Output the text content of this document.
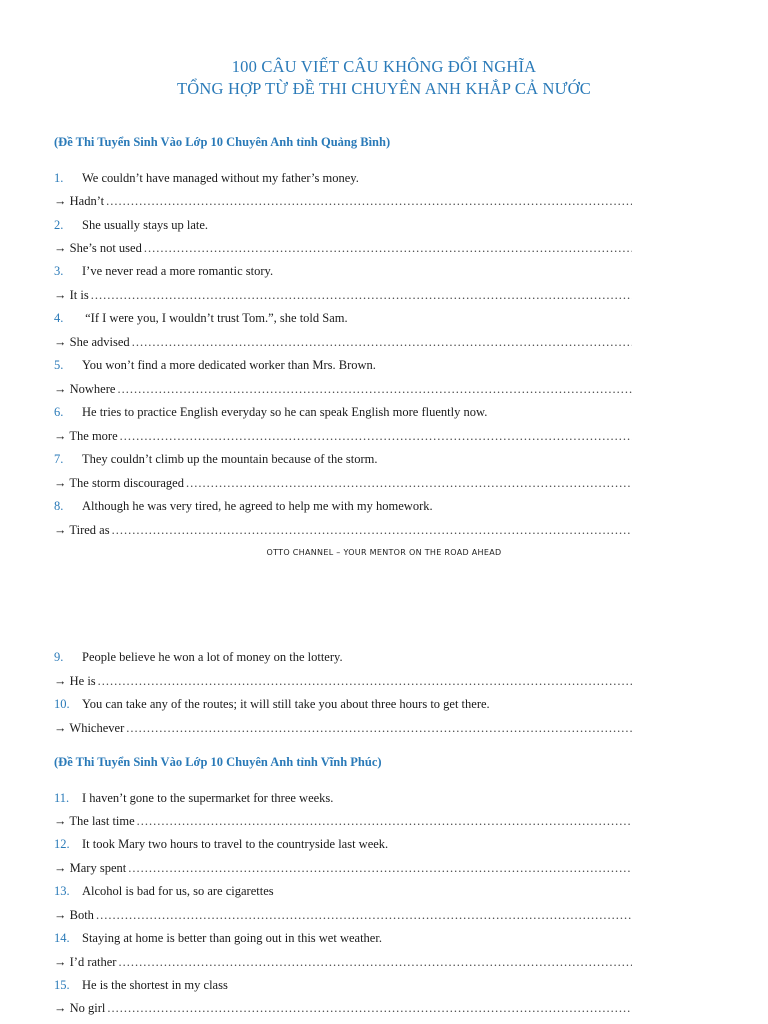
100 CÂU VIẾT CÂU KHÔNG ĐỔI NGHĨA
TỔNG HỢP TỪ ĐỀ THI CHUYÊN ANH KHẮP CẢ NƯỚC
(Đề Thi Tuyển Sinh Vào Lớp 10 Chuyên Anh tỉnh Quảng Bình)
1. We couldn’t have managed without my father’s money.
→ Hadn’t
.....
2. She usually stays up late.
→ She’s not used
.....
3. I’ve never read a more romantic story.
→ It is
.....
4. “If I were you, I wouldn’t trust Tom.”, she told Sam.
→ She advised
.....
5. You won’t find a more dedicated worker than Mrs. Brown.
→ Nowhere
.....
6. He tries to practice English everyday so he can speak English more fluently now.
→ The more
.....
7. They couldn’t climb up the mountain because of the storm.
→ The storm discouraged
.....
8. Although he was very tired, he agreed to help me with my homework.
→ Tired as
.....
OTTO CHANNEL – YOUR MENTOR ON THE ROAD AHEAD
9. People believe he won a lot of money on the lottery.
→ He is
.....
10. You can take any of the routes; it will still take you about three hours to get there.
→ Whichever
.....
(Đề Thi Tuyển Sinh Vào Lớp 10 Chuyên Anh tỉnh Vĩnh Phúc)
11. I haven’t gone to the supermarket for three weeks.
→ The last time
.....
12. It took Mary two hours to travel to the countryside last week.
→ Mary spent
.....
13. Alcohol is bad for us, so are cigarettes
→ Both
.....
14. Staying at home is better than going out in this wet weather.
→ I’d rather
.....
15. He is the shortest in my class
→ No girl
.....
